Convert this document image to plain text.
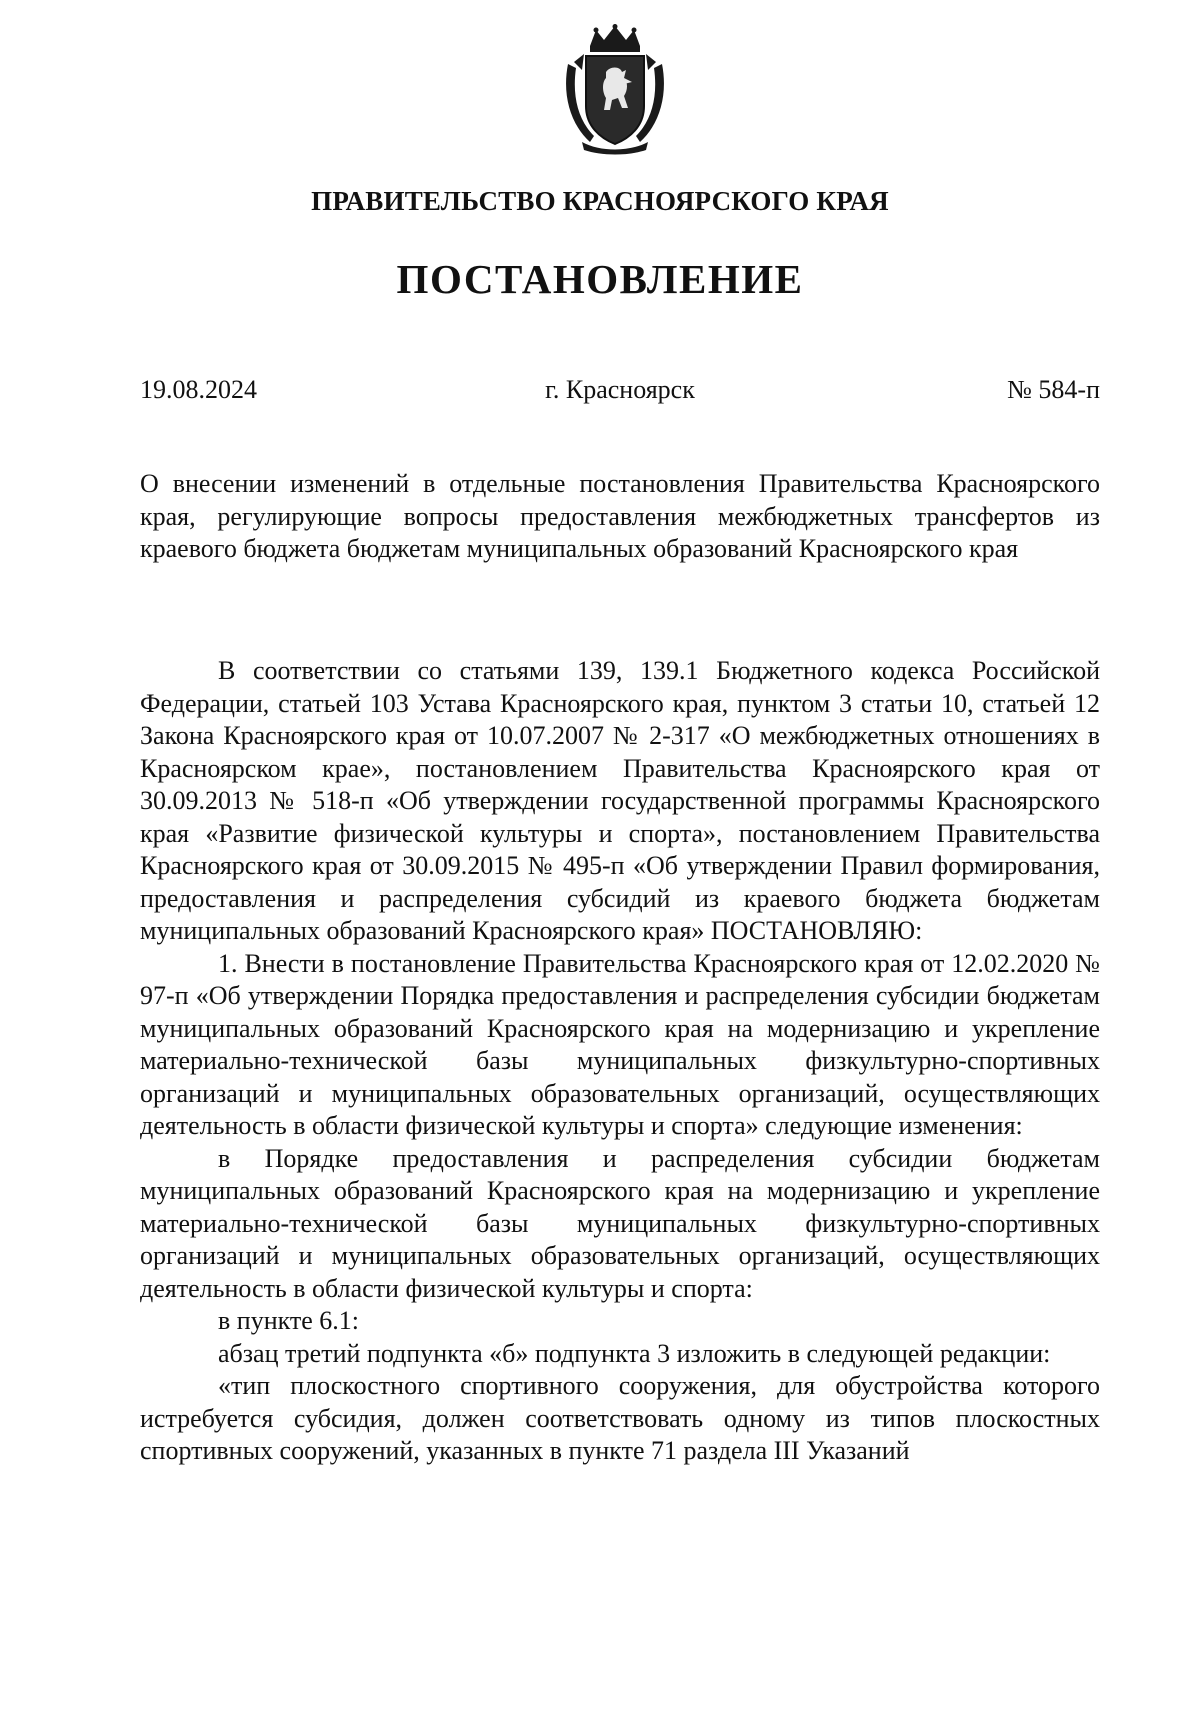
ПРАВИТЕЛЬСТВО КРАСНОЯРСКОГО КРАЯ
ПОСТАНОВЛЕНИЕ
г. Красноярск
19.08.2024	№ 584-п
О внесении изменений в отдельные постановления Правительства Красноярского края, регулирующие вопросы предоставления межбюджетных трансфертов из краевого бюджета бюджетам муниципальных образований Красноярского края

В соответствии со статьями 139, 139.1 Бюджетного кодекса Российской Федерации, статьей 103 Устава Красноярского края, пунктом 3 статьи 10, статьей 12 Закона Красноярского края от 10.07.2007 № 2-317 «О межбюджетных отношениях в Красноярском крае», постановлением Правительства Красноярского края от 30.09.2013 № 518-п «Об утверждении государственной программы Красноярского края «Развитие физической культуры и спорта», постановлением Правительства Красноярского края от 30.09.2015 № 495-п «Об утверждении Правил формирования, предоставления и распределения субсидий из краевого бюджета бюджетам муниципальных образований Красноярского края» ПОСТАНОВЛЯЮ:

1. Внести в постановление Правительства Красноярского края от 12.02.2020 № 97-п «Об утверждении Порядка предоставления и распределения субсидии бюджетам муниципальных образований Красноярского края на модернизацию и укрепление материально-технической базы муниципальных физкультурно-спортивных организаций и муниципальных образовательных организаций, осуществляющих деятельность в области физической культуры и спорта» следующие изменения:

в Порядке предоставления и распределения субсидии бюджетам муниципальных образований Красноярского края на модернизацию и укрепление материально-технической базы муниципальных физкультурно-спортивных организаций и муниципальных образовательных организаций, осуществляющих деятельность в области физической культуры и спорта:

в пункте 6.1:

абзац третий подпункта «б» подпункта 3 изложить в следующей редакции:

«тип плоскостного спортивного сооружения, для обустройства которого истребуется субсидия, должен соответствовать одному из типов плоскостных спортивных сооружений, указанных в пункте 71 раздела III Указаний
